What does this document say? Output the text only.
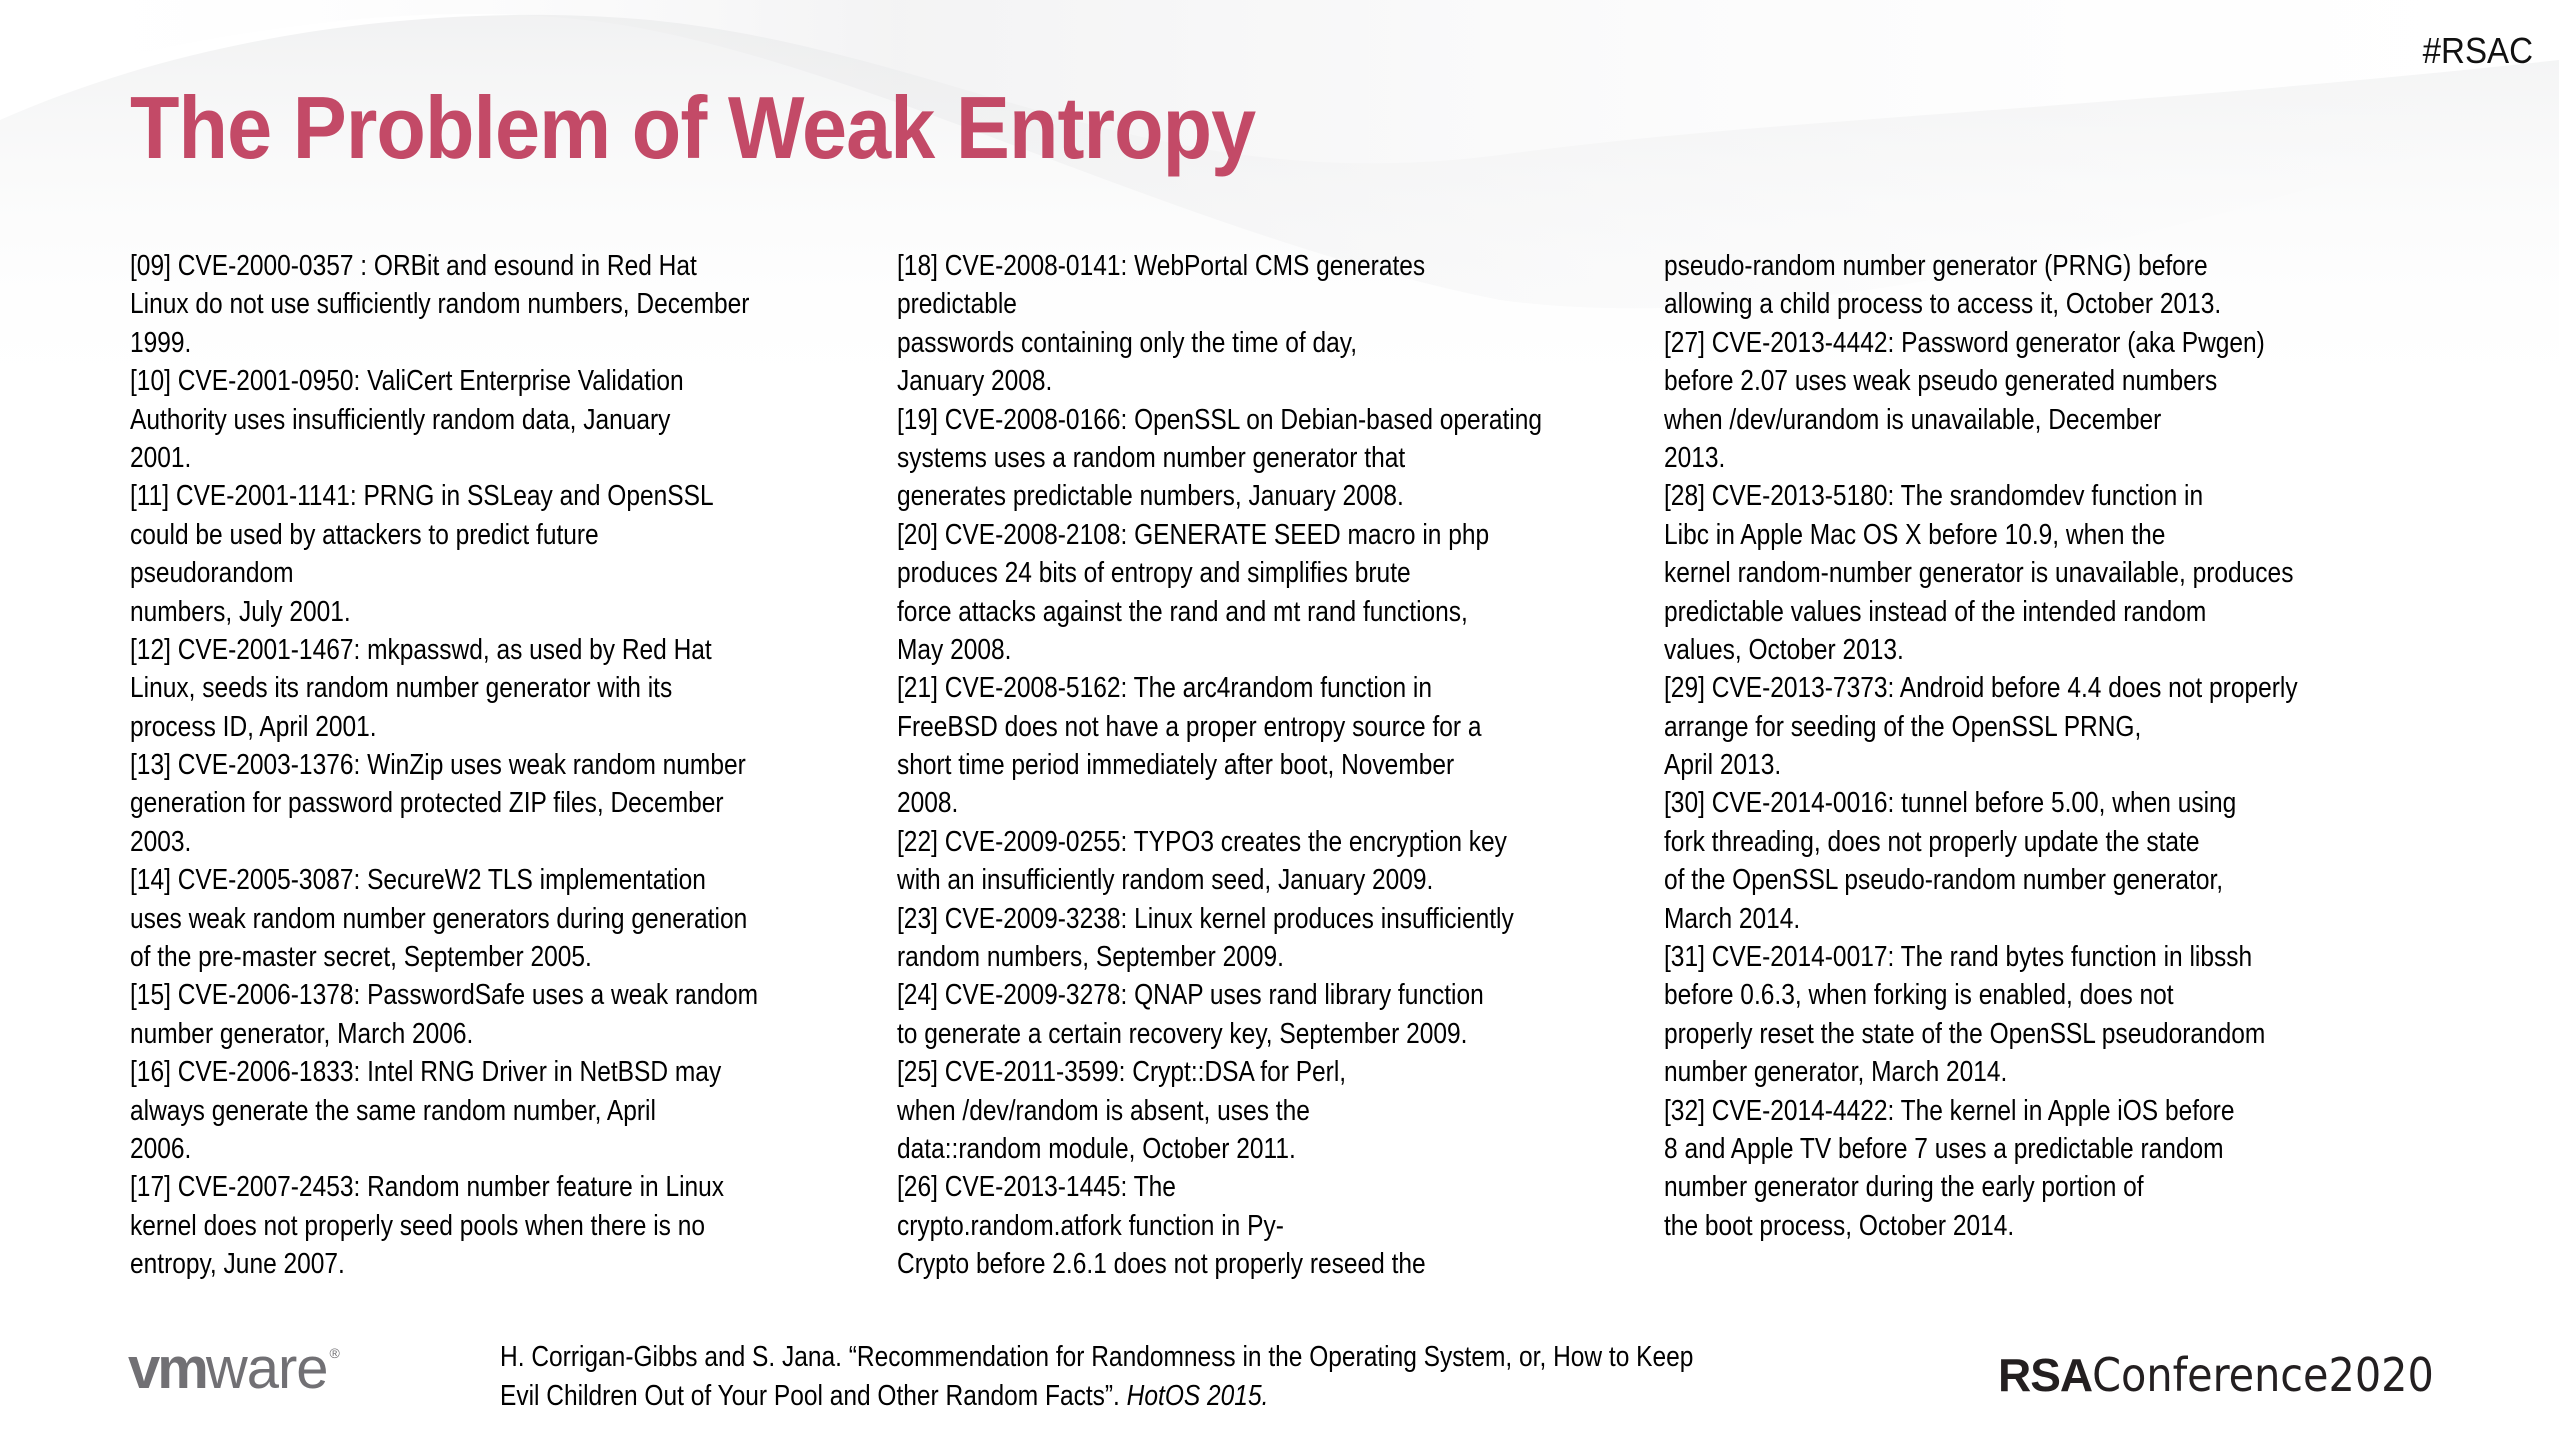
#RSAC
The Problem of Weak Entropy
[09] CVE-2000-0357 : ORBit and esound in Red Hat
Linux do not use sufficiently random numbers, December
1999.
[10] CVE-2001-0950: ValiCert Enterprise Validation
Authority uses insufficiently random data, January
2001.
[11] CVE-2001-1141: PRNG in SSLeay and OpenSSL
could be used by attackers to predict future
pseudorandom
numbers, July 2001.
[12] CVE-2001-1467: mkpasswd, as used by Red Hat
Linux, seeds its random number generator with its
process ID, April 2001.
[13] CVE-2003-1376: WinZip uses weak random number
generation for password protected ZIP files, December
2003.
[14] CVE-2005-3087: SecureW2 TLS implementation
uses weak random number generators during generation
of the pre-master secret, September 2005.
[15] CVE-2006-1378: PasswordSafe uses a weak random
number generator, March 2006.
[16] CVE-2006-1833: Intel RNG Driver in NetBSD may
always generate the same random number, April
2006.
[17] CVE-2007-2453: Random number feature in Linux
kernel does not properly seed pools when there is no
entropy, June 2007.
[18] CVE-2008-0141: WebPortal CMS generates
predictable
passwords containing only the time of day,
January 2008.
[19] CVE-2008-0166: OpenSSL on Debian-based operating
systems uses a random number generator that
generates predictable numbers, January 2008.
[20] CVE-2008-2108: GENERATE SEED macro in php
produces 24 bits of entropy and simplifies brute
force attacks against the rand and mt rand functions,
May 2008.
[21] CVE-2008-5162: The arc4random function in
FreeBSD does not have a proper entropy source for a
short time period immediately after boot, November
2008.
[22] CVE-2009-0255: TYPO3 creates the encryption key
with an insufficiently random seed, January 2009.
[23] CVE-2009-3238: Linux kernel produces insufficiently
random numbers, September 2009.
[24] CVE-2009-3278: QNAP uses rand library function
to generate a certain recovery key, September 2009.
[25] CVE-2011-3599: Crypt::DSA for Perl,
when /dev/random is absent, uses the
data::random module, October 2011.
[26] CVE-2013-1445: The
crypto.random.atfork function in Py-
Crypto before 2.6.1 does not properly reseed the
pseudo-random number generator (PRNG) before
allowing a child process to access it, October 2013.
[27] CVE-2013-4442: Password generator (aka Pwgen)
before 2.07 uses weak pseudo generated numbers
when /dev/urandom is unavailable, December
2013.
[28] CVE-2013-5180: The srandomdev function in
Libc in Apple Mac OS X before 10.9, when the
kernel random-number generator is unavailable, produces
predictable values instead of the intended random
values, October 2013.
[29] CVE-2013-7373: Android before 4.4 does not properly
arrange for seeding of the OpenSSL PRNG,
April 2013.
[30] CVE-2014-0016: tunnel before 5.00, when using
fork threading, does not properly update the state
of the OpenSSL pseudo-random number generator,
March 2014.
[31] CVE-2014-0017: The rand bytes function in libssh
before 0.6.3, when forking is enabled, does not
properly reset the state of the OpenSSL pseudorandom
number generator, March 2014.
[32] CVE-2014-4422: The kernel in Apple iOS before
8 and Apple TV before 7 uses a predictable random
number generator during the early portion of
the boot process, October 2014.
vmware ®	H. Corrigan-Gibbs and S. Jana. “Recommendation for Randomness in the Operating System, or, How to Keep
Evil Children Out of Your Pool and Other Random Facts”. HotOS 2015.	RSAConference2020
